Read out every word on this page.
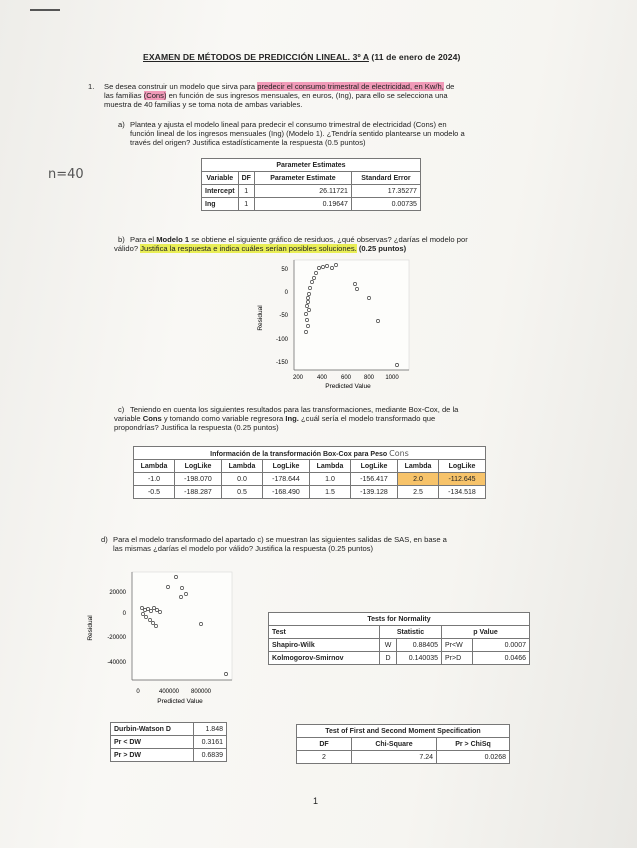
EXAMEN DE MÉTODOS DE PREDICCIÓN LINEAL. 3º A (11 de enero de 2024)
1. Se desea construir un modelo que sirva para predecir el consumo trimestral de electricidad, en Kw/h, de
las familias (Cons) en función de sus ingresos mensuales, en euros, (Ing), para ello se selecciona una
muestra de 40 familias y se toma nota de ambas variables.
a) Plantea y ajusta el modelo lineal para predecir el consumo trimestral de electricidad (Cons) en
función lineal de los ingresos mensuales (Ing) (Modelo 1). ¿Tendría sentido plantearse un modelo a
través del origen? Justifica estadísticamente la respuesta (0.5 puntos)
n=40
Parameter Estimates			
Variable	DF	Parameter Estimate	Standard Error
Intercept	1	26.11721	17.35277
Ing	1	0.19647	0.00735
b) Para el Modelo 1 se obtiene el siguiente gráfico de residuos, ¿qué observas? ¿darías el modelo por
válido? Justifica la respuesta e indica cuáles serían posibles soluciones. (0.25 puntos)
50
0
-50
-100
-150
200 400 600 800 1000
Predicted Value
Residual
c) Teniendo en cuenta los siguientes resultados para las transformaciones, mediante Box-Cox, de la
variable Cons y tomando como variable regresora Ing. ¿cuál sería el modelo transformado que
propondrías? Justifica la respuesta (0.25 puntos)
Información de la transformación Box-Cox para Peso Cons							
Lambda	LogLike	Lambda	LogLike	Lambda	LogLike	Lambda	LogLike
-1.0	-198.070	0.0	-178.644	1.0	-156.417	2.0	-112.645
-0.5	-188.287	0.5	-168.490	1.5	-139.128	2.5	-134.518
d) Para el modelo transformado del apartado c) se muestran las siguientes salidas de SAS, en base a
las mismas ¿darías el modelo por válido? Justifica la respuesta (0.25 puntos)
20000
0
-20000
-40000
0	400000 800000
Predicted Value
Residual	Tests for Normality				
Test	Statistic		p Value	
Shapiro-Wilk	W	0.88405	Pr<W	0.0007
Kolmogorov-Smirnov	D	0.140035	Pr>D	0.0466
Durbin-Watson D	1.848
Pr < DW	0.3161
Pr > DW	0.6839
Test of First and Second Moment Specification		
DF	Chi-Square	Pr > ChiSq
2	7.24	0.0268
1
